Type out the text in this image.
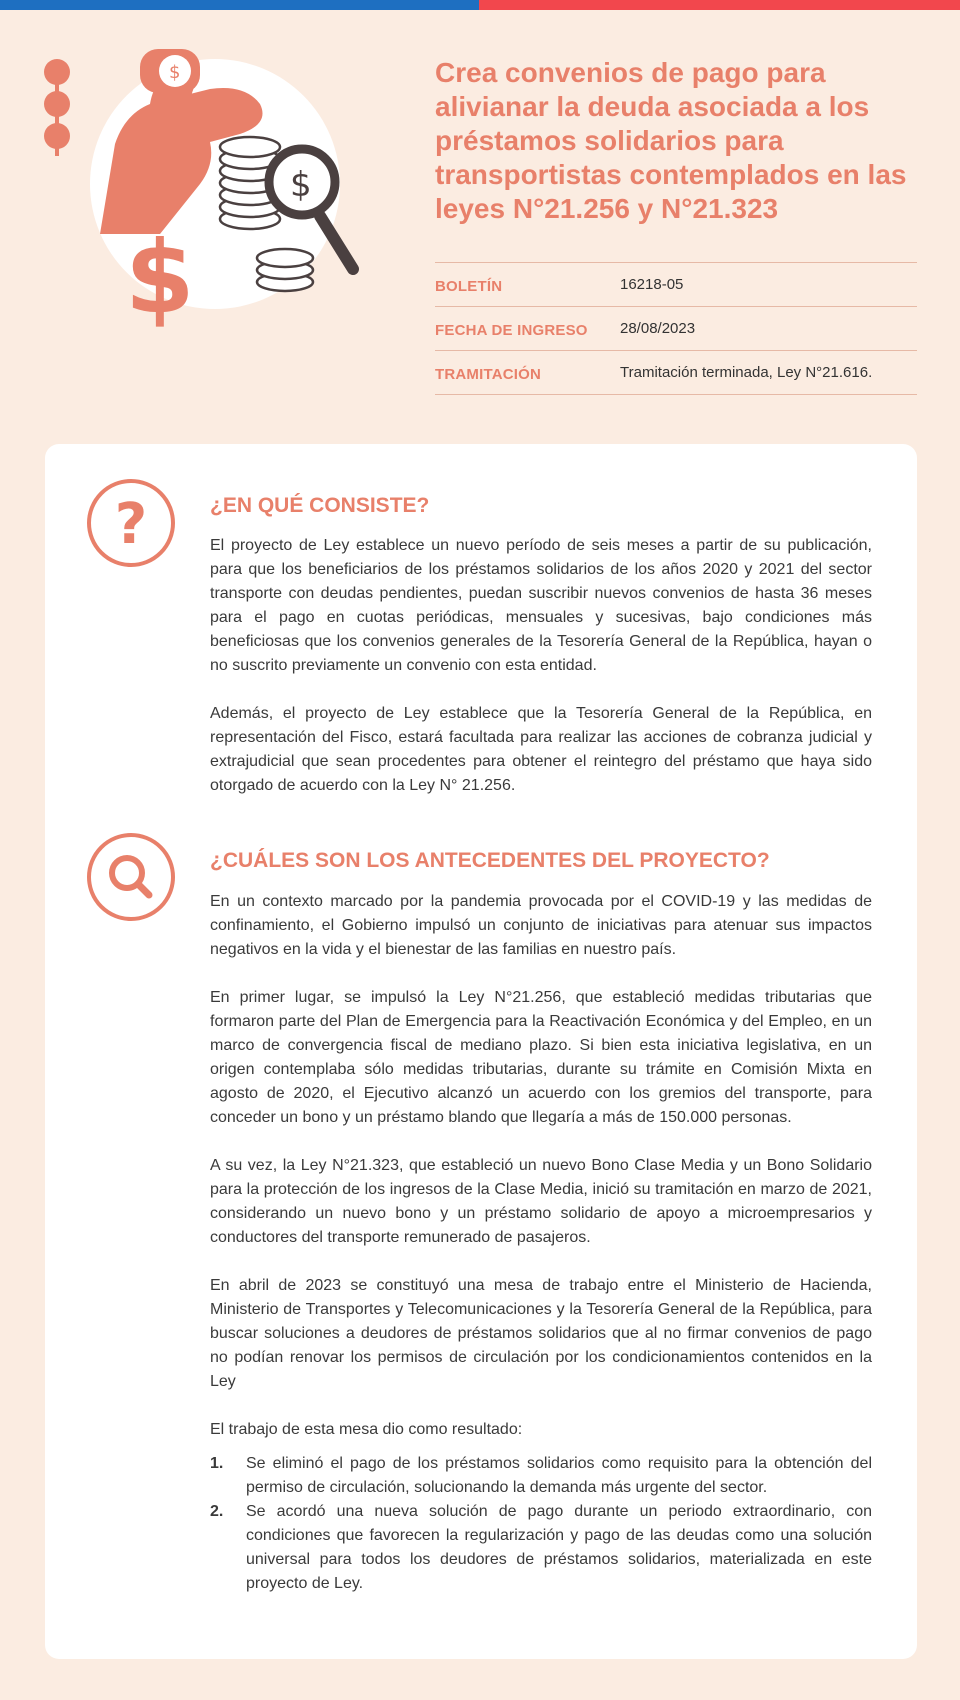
$
$
$
Crea convenios de pago para alivianar la deuda asociada a los préstamos solidarios para transportistas contemplados en las leyes N°21.256 y N°21.323
BOLETÍN	16218-05
FECHA DE INGRESO	28/08/2023
TRAMITACIÓN	Tramitación terminada, Ley N°21.616.
?	¿EN QUÉ CONSISTE?

El proyecto de Ley establece un nuevo período de seis meses a partir de su publicación, para que los beneficiarios de los préstamos solidarios de los años 2020 y 2021 del sector transporte con deudas pendientes, puedan suscribir nuevos convenios de hasta 36 meses para el pago en cuotas periódicas, mensuales y sucesivas, bajo condiciones más beneficiosas que los convenios generales de la Tesorería General de la República, hayan o no suscrito previamente un convenio con esta entidad.

Además, el proyecto de Ley establece que la Tesorería General de la República, en representación del Fisco, estará facultada para realizar las acciones de cobranza judicial y extrajudicial que sean procedentes para obtener el reintegro del préstamo que haya sido otorgado de acuerdo con la Ley N° 21.256.

¿CUÁLES SON LOS ANTECEDENTES DEL PROYECTO?

En un contexto marcado por la pandemia provocada por el COVID-19 y las medidas de confinamiento, el Gobierno impulsó un conjunto de iniciativas para atenuar sus impactos negativos en la vida y el bienestar de las familias en nuestro país.

En primer lugar, se impulsó la Ley N°21.256, que estableció medidas tributarias que formaron parte del Plan de Emergencia para la Reactivación Económica y del Empleo, en un marco de convergencia fiscal de mediano plazo. Si bien esta iniciativa legislativa, en un origen contemplaba sólo medidas tributarias, durante su trámite en Comisión Mixta en agosto de 2020, el Ejecutivo alcanzó un acuerdo con los gremios del transporte, para conceder un bono y un préstamo blando que llegaría a más de 150.000 personas.

A su vez, la Ley N°21.323, que estableció un nuevo Bono Clase Media y un Bono Solidario para la protección de los ingresos de la Clase Media, inició su tramitación en marzo de 2021, considerando un nuevo bono y un préstamo solidario de apoyo a microempresarios y conductores del transporte remunerado de pasajeros.

En abril de 2023 se constituyó una mesa de trabajo entre el Ministerio de Hacienda, Ministerio de Transportes y Telecomunicaciones y la Tesorería General de la República, para buscar soluciones a deudores de préstamos solidarios que al no firmar convenios de pago no podían renovar los permisos de circulación por los condicionamientos contenidos en la Ley

El trabajo de esta mesa dio como resultado:

1.	Se eliminó el pago de los préstamos solidarios como requisito para la obtención del permiso de circulación, solucionando la demanda más urgente del sector.
2.	Se acordó una nueva solución de pago durante un periodo extraordinario, con condiciones que favorecen la regularización y pago de las deudas como una solución universal para todos los deudores de préstamos solidarios, materializada en este proyecto de Ley.
